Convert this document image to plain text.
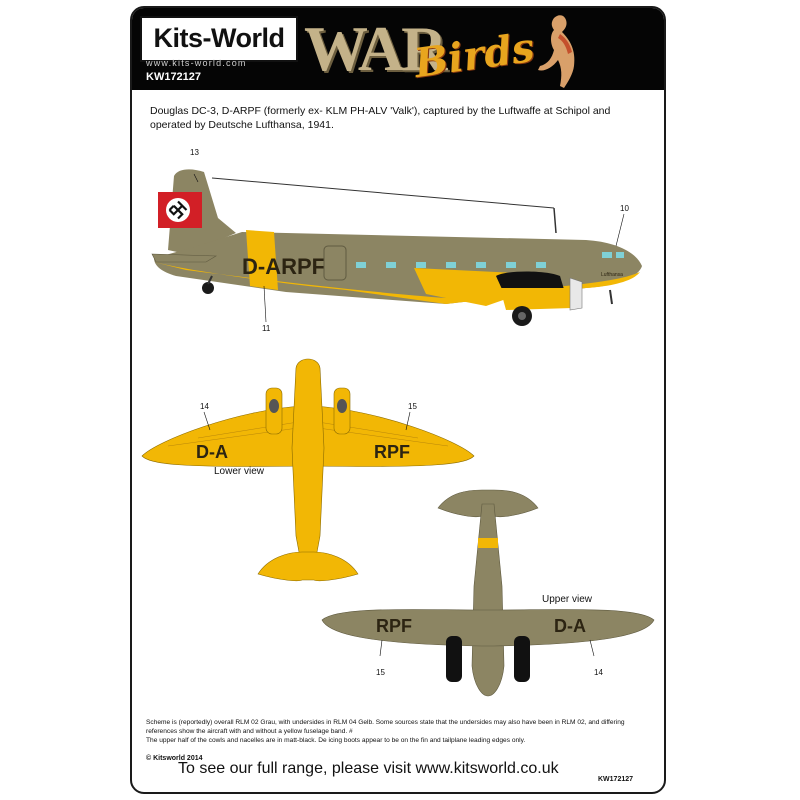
Kits-World
www.kits-world.com
KW172127 WAR
Birds
Douglas DC-3, D-ARPF (formerly ex- KLM PH-ALV 'Valk'), captured by the Luftwaffe at Schipol and operated by Deutsche Lufthansa, 1941.
D-ARPF	Lufthansa
13
10
11
D-A	RPF
14	15
Lower view
RPF	D-A
Upper view
15	14
Scheme is (reportedly) overall RLM 02 Grau, with undersides in RLM 04 Gelb. Some sources state that the undersides may also have been in RLM 02, and differing references show the aircraft with and without a yellow fuselage band. #
The upper half of the cowls and nacelles are in matt-black. De icing boots appear to be on the fin and tailplane leading edges only.
© Kitsworld 2014
To see our full range, please visit www.kitsworld.co.uk
KW172127
